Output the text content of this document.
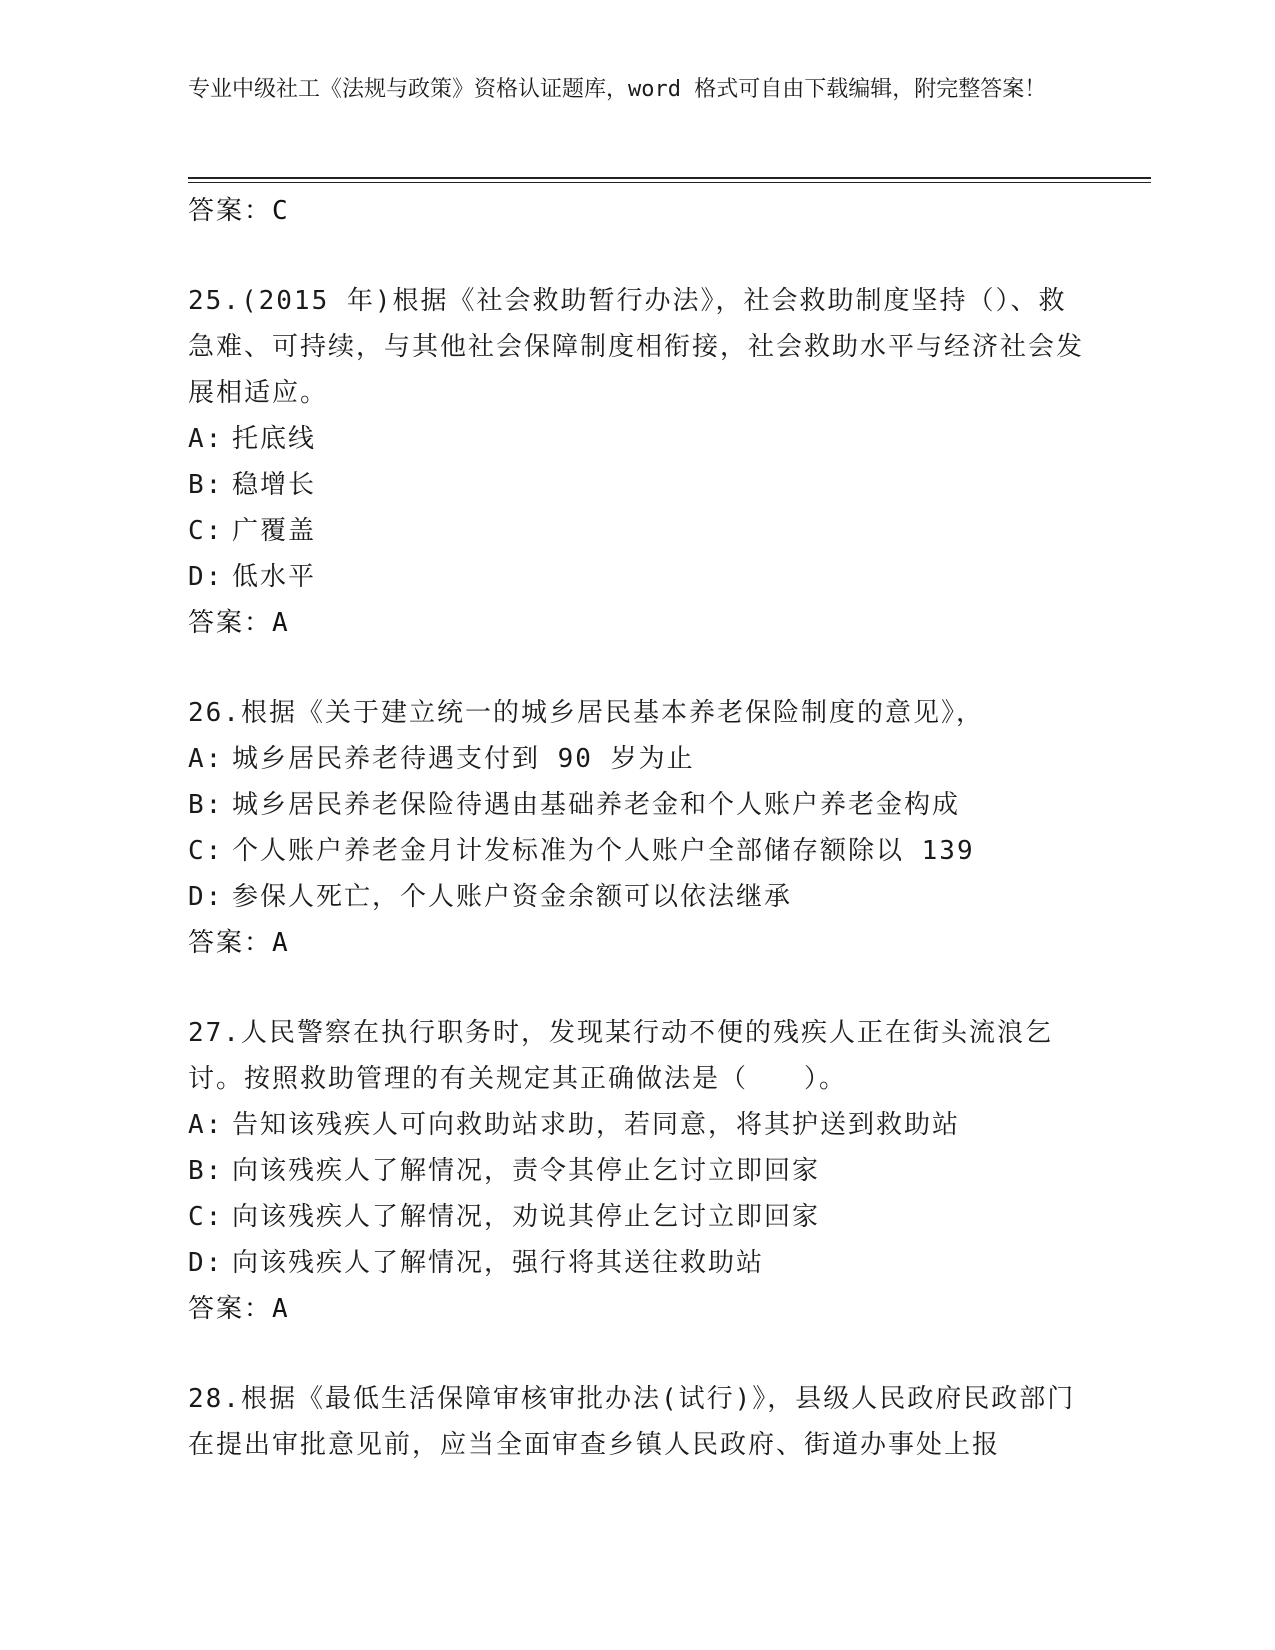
专业中级社工《法规与政策》资格认证题库，word 格式可自由下载编辑，附完整答案！
答案：C
25.(2015 年)根据《社会救助暂行办法》，社会救助制度坚持（）、救急难、可持续，与其他社会保障制度相衔接，社会救助水平与经济社会发展相适应。
A: 托底线
B: 稳增长
C: 广覆盖
D: 低水平
答案：A
26.根据《关于建立统一的城乡居民基本养老保险制度的意见》，
A: 城乡居民养老待遇支付到 90 岁为止
B: 城乡居民养老保险待遇由基础养老金和个人账户养老金构成
C: 个人账户养老金月计发标准为个人账户全部储存额除以 139
D: 参保人死亡，个人账户资金余额可以依法继承
答案：A
27.人民警察在执行职务时，发现某行动不便的残疾人正在街头流浪乞讨。按照救助管理的有关规定其正确做法是（　　）。
A: 告知该残疾人可向救助站求助，若同意，将其护送到救助站
B: 向该残疾人了解情况，责令其停止乞讨立即回家
C: 向该残疾人了解情况，劝说其停止乞讨立即回家
D: 向该残疾人了解情况，强行将其送往救助站
答案：A
28.根据《最低生活保障审核审批办法(试行)》，县级人民政府民政部门在提出审批意见前，应当全面审查乡镇人民政府、街道办事处上报
